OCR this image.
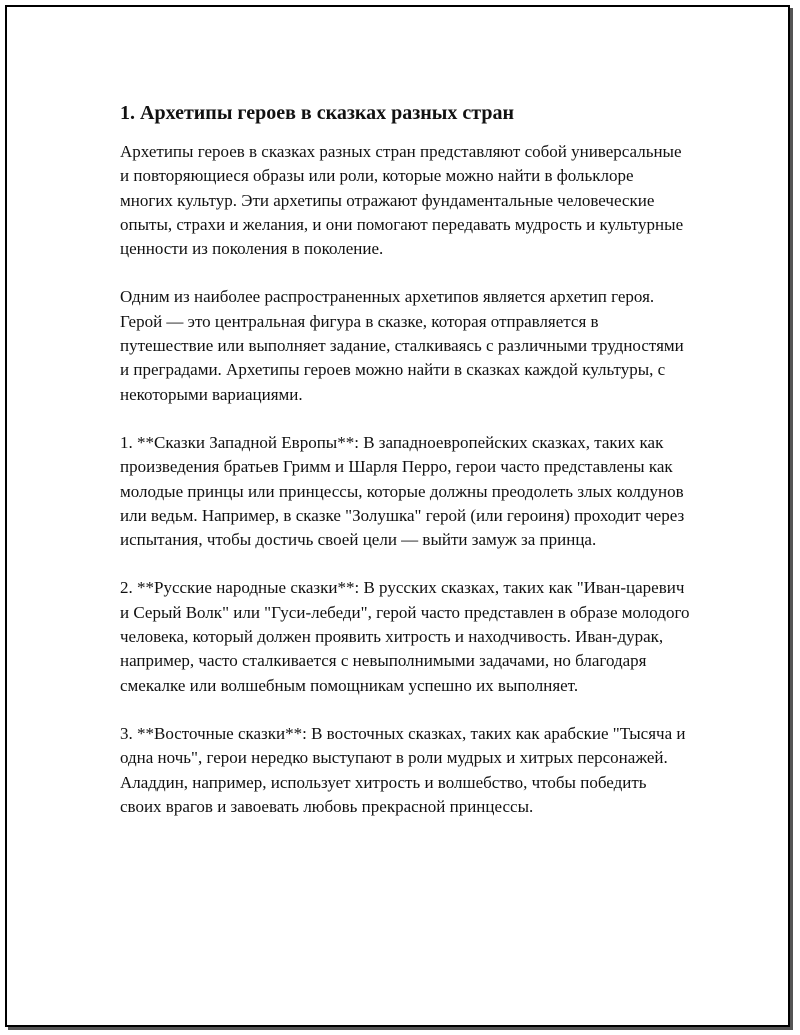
1. Архетипы героев в сказках разных стран

Архетипы героев в сказках разных стран представляют собой универсальные и повторяющиеся образы или роли, которые можно найти в фольклоре многих культур. Эти архетипы отражают фундаментальные человеческие опыты, страхи и желания, и они помогают передавать мудрость и культурные ценности из поколения в поколение.

Одним из наиболее распространенных архетипов является архетип героя. Герой — это центральная фигура в сказке, которая отправляется в путешествие или выполняет задание, сталкиваясь с различными трудностями и преградами. Архетипы героев можно найти в сказках каждой культуры, с некоторыми вариациями.

1. **Сказки Западной Европы**: В западноевропейских сказках, таких как произведения братьев Гримм и Шарля Перро, герои часто представлены как молодые принцы или принцессы, которые должны преодолеть злых колдунов или ведьм. Например, в сказке "Золушка" герой (или героиня) проходит через испытания, чтобы достичь своей цели — выйти замуж за принца.

2. **Русские народные сказки**: В русских сказках, таких как "Иван-царевич и Серый Волк" или "Гуси-лебеди", герой часто представлен в образе молодого человека, который должен проявить хитрость и находчивость. Иван-дурак, например, часто сталкивается с невыполнимыми задачами, но благодаря смекалке или волшебным помощникам успешно их выполняет.

3. **Восточные сказки**: В восточных сказках, таких как арабские "Тысяча и одна ночь", герои нередко выступают в роли мудрых и хитрых персонажей. Аладдин, например, использует хитрость и волшебство, чтобы победить своих врагов и завоевать любовь прекрасной принцессы.
